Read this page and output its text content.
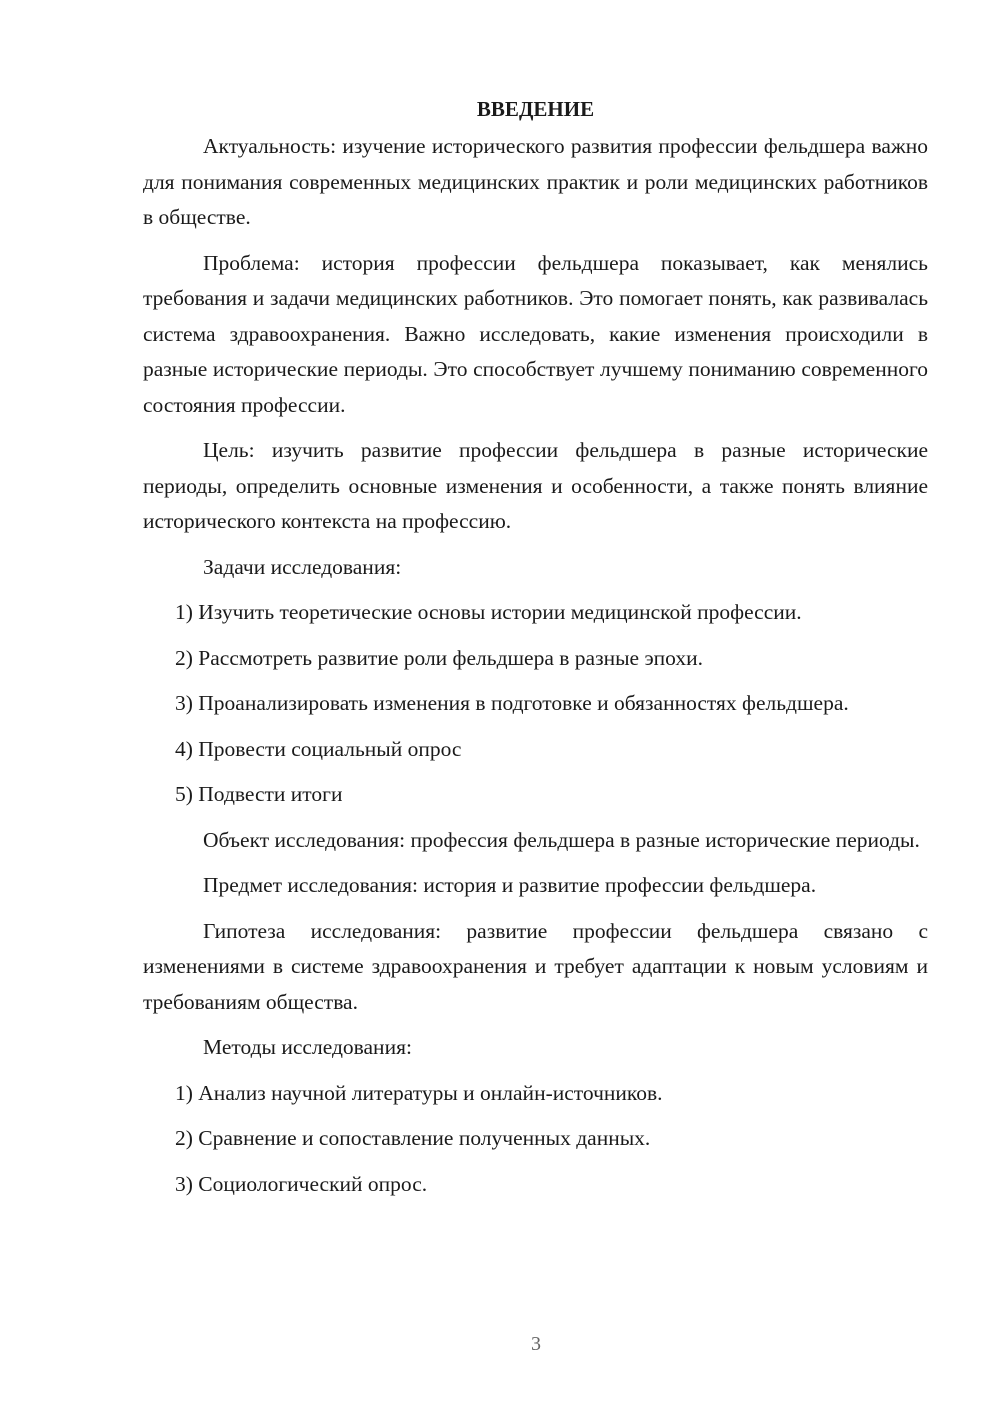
ВВЕДЕНИЕ

Актуальность: изучение исторического развития профессии фельдшера важно для понимания современных медицинских практик и роли медицинских работников в обществе.

Проблема: история профессии фельдшера показывает, как менялись требования и задачи медицинских работников. Это помогает понять, как развивалась система здравоохранения. Важно исследовать, какие изменения происходили в разные исторические периоды. Это способствует лучшему пониманию современного состояния профессии.

Цель: изучить развитие профессии фельдшера в разные исторические периоды, определить основные изменения и особенности, а также понять влияние исторического контекста на профессию.

Задачи исследования:

1) Изучить теоретические основы истории медицинской профессии.

2) Рассмотреть развитие роли фельдшера в разные эпохи.

3) Проанализировать изменения в подготовке и обязанностях фельдшера.

4) Провести социальный опрос

5) Подвести итоги

Объект исследования: профессия фельдшера в разные исторические периоды.

Предмет исследования: история и развитие профессии фельдшера.

Гипотеза исследования: развитие профессии фельдшера связано с изменениями в системе здравоохранения и требует адаптации к новым условиям и требованиям общества.

Методы исследования:

1) Анализ научной литературы и онлайн-источников.

2) Сравнение и сопоставление полученных данных.

3) Социологический опрос.

3
